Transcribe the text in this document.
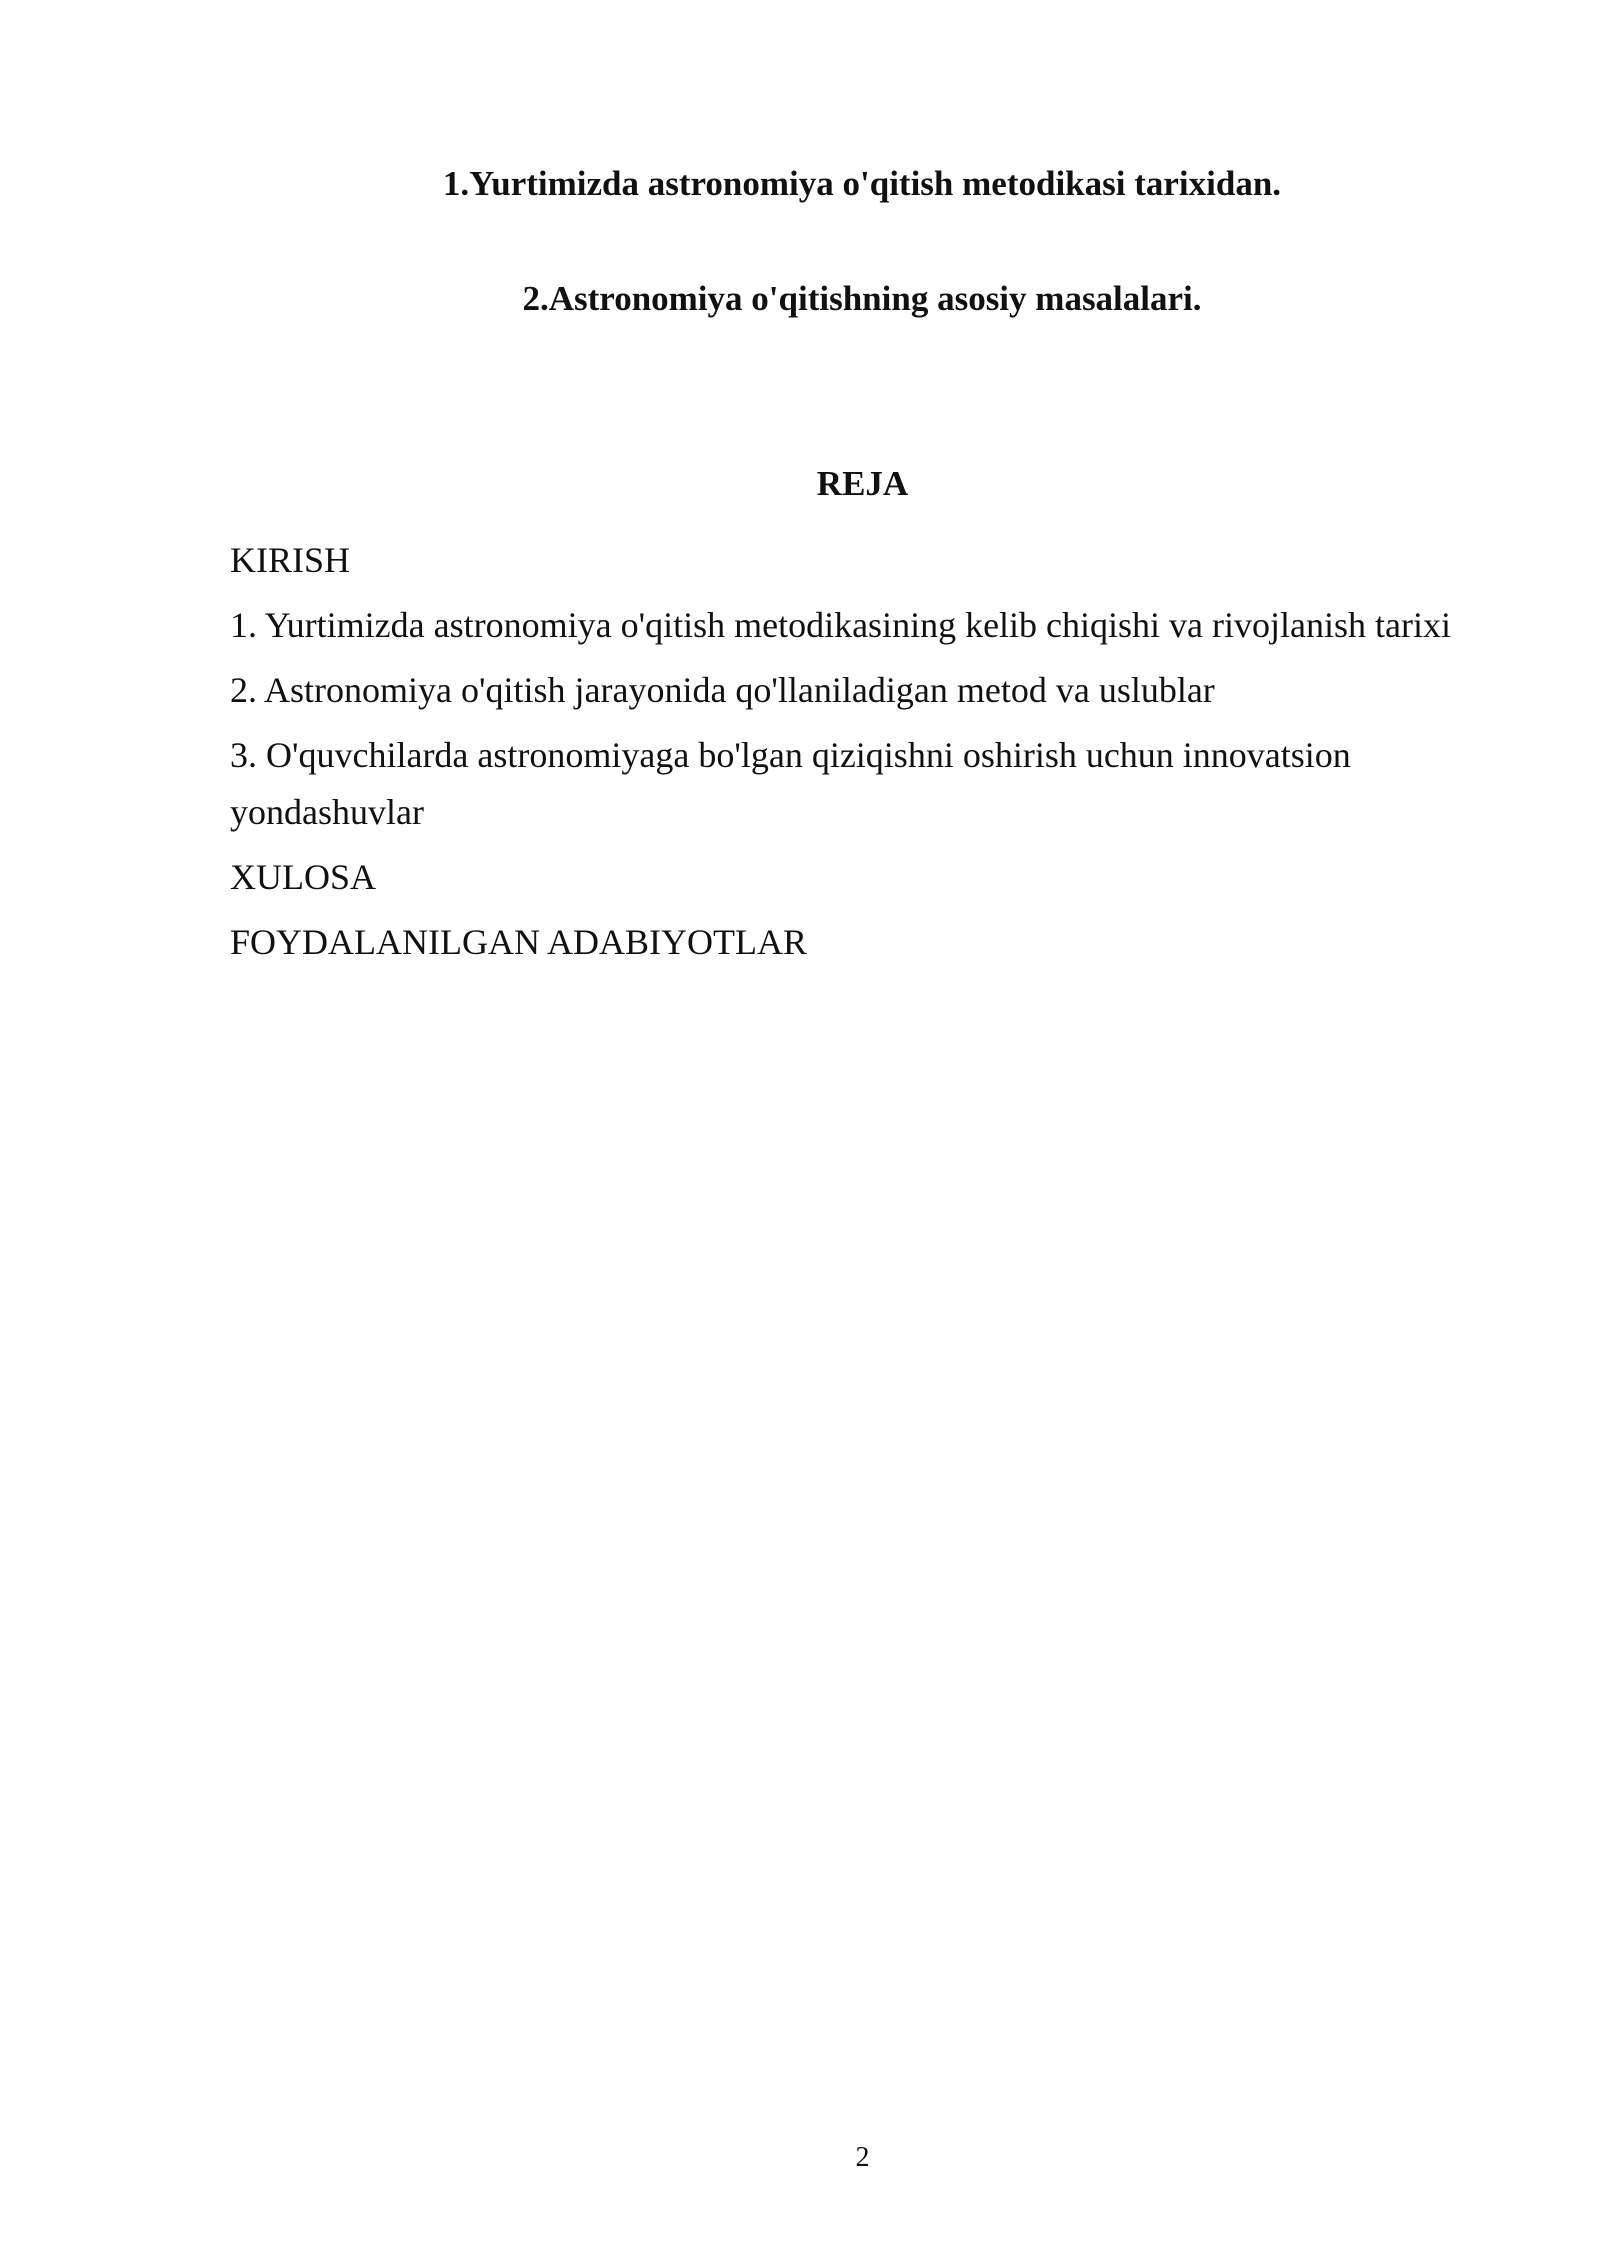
1.Yurtimizda astronomiya o'qitish metodikasi tarixidan.
2.Astronomiya o'qitishning asosiy masalalari.
REJA
KIRISH
1. Yurtimizda astronomiya o'qitish metodikasining kelib chiqishi va rivojlanish tarixi
2. Astronomiya o'qitish jarayonida qo'llaniladigan metod va uslublar
3. O'quvchilarda astronomiyaga bo'lgan qiziqishni oshirish uchun innovatsion yondashuvlar
XULOSA
FOYDALANILGAN ADABIYOTLAR
2
